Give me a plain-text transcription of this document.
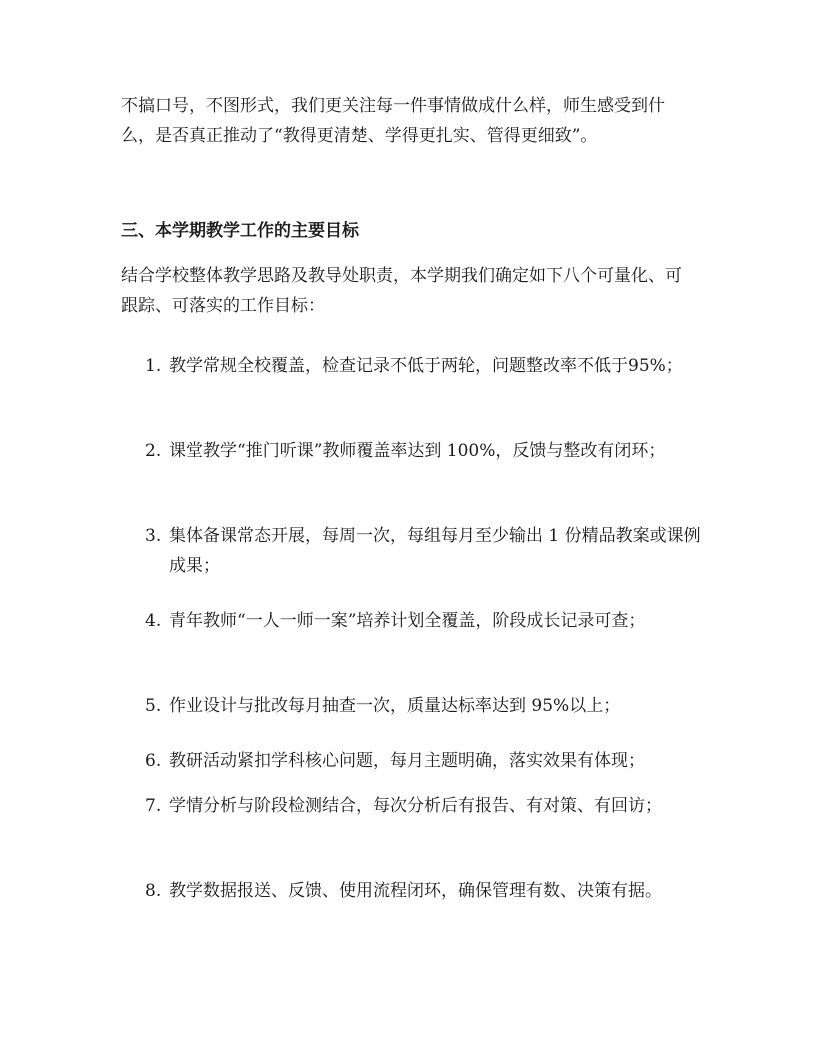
不搞口号，不图形式，我们更关注每一件事情做成什么样，师生感受到什么，是否真正推动了“教得更清楚、学得更扎实、管得更细致”。

三、本学期教学工作的主要目标

结合学校整体教学思路及教导处职责，本学期我们确定如下八个可量化、可跟踪、可落实的工作目标：

1. 教学常规全校覆盖，检查记录不低于两轮，问题整改率不低于95%；
2. 课堂教学“推门听课”教师覆盖率达到 100%，反馈与整改有闭环；
3. 集体备课常态开展，每周一次，每组每月至少输出 1 份精品教案或课例成果；
4. 青年教师“一人一师一案”培养计划全覆盖，阶段成长记录可查；
5. 作业设计与批改每月抽查一次，质量达标率达到 95%以上；
6. 教研活动紧扣学科核心问题，每月主题明确，落实效果有体现；
7. 学情分析与阶段检测结合，每次分析后有报告、有对策、有回访；
8. 教学数据报送、反馈、使用流程闭环，确保管理有数、决策有据。
